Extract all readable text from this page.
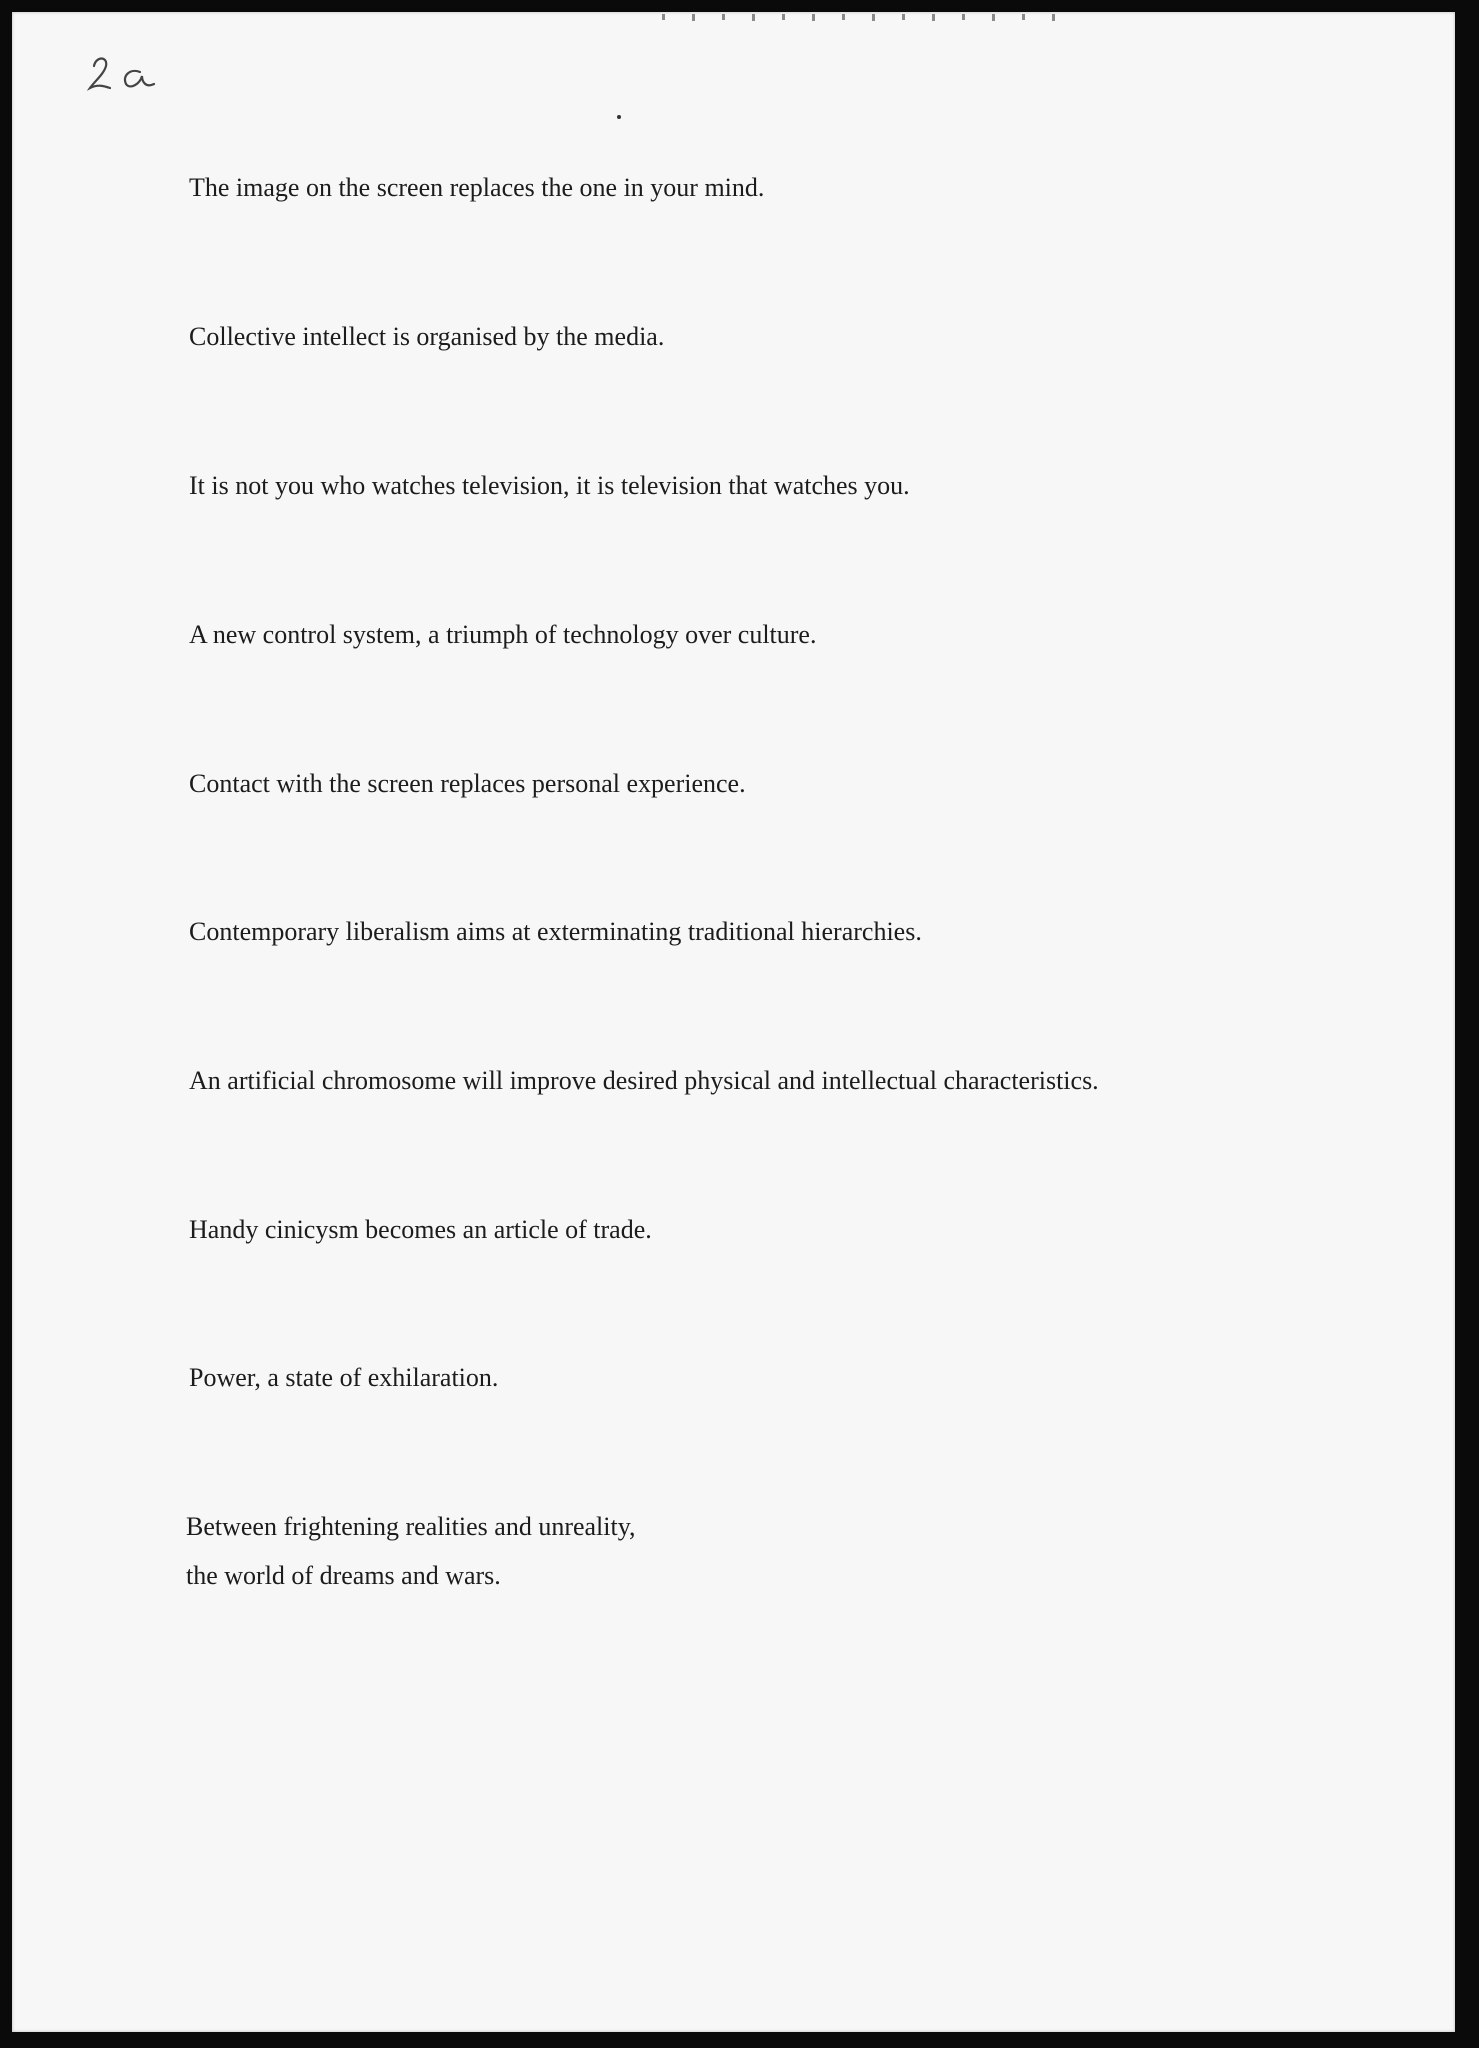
The image on the screen replaces the one in your mind.

Collective intellect is organised by the media.

It is not you who watches television, it is television that watches you.

A new control system, a triumph of technology over culture.

Contact with the screen replaces personal experience.

Contemporary liberalism aims at exterminating traditional hierarchies.

An artificial chromosome will improve desired physical and intellectual characteristics.

Handy cinicysm becomes an article of trade.

Power, a state of exhilaration.

Between frightening realities and unreality,

the world of dreams and wars.
